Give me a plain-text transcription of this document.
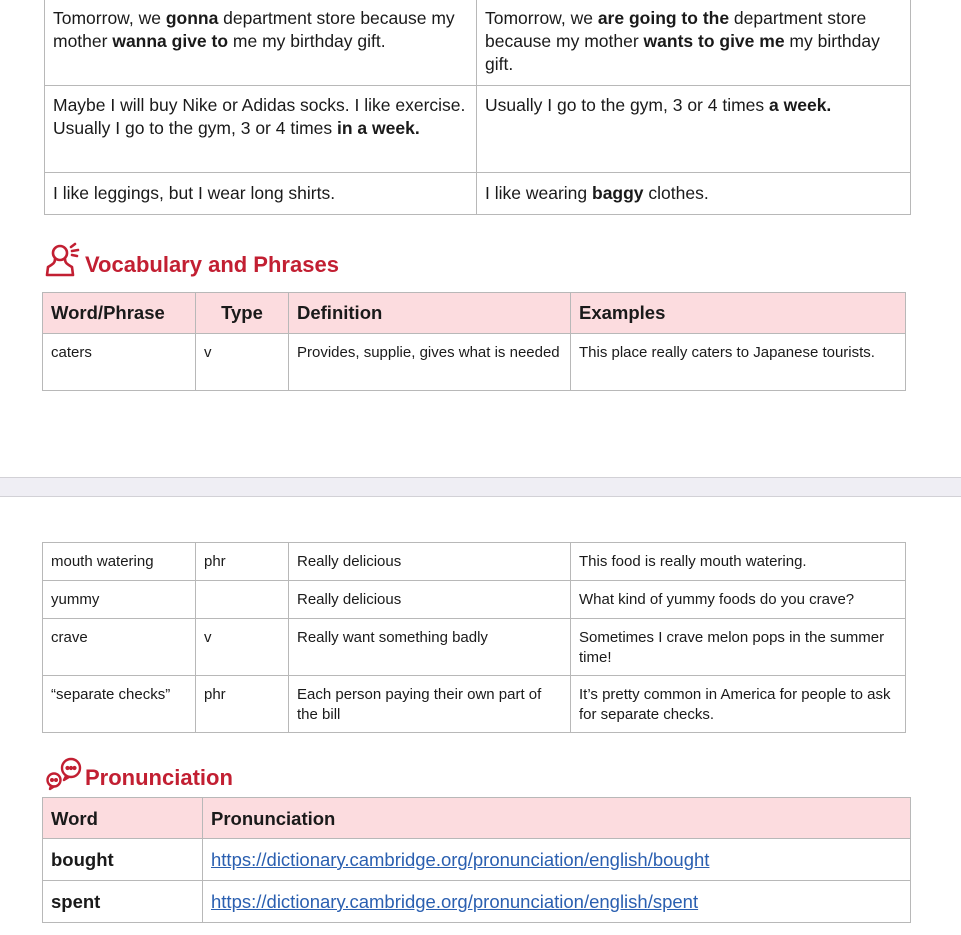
Tomorrow, we gonna department store because my mother wanna give to me my birthday gift.	Tomorrow, we are going to the department store because my mother wants to give me my birthday gift.
Maybe I will buy Nike or Adidas socks. I like exercise. Usually I go to the gym, 3 or 4 times in a week.	Usually I go to the gym, 3 or 4 times a week.
I like leggings, but I wear long shirts.	I like wearing baggy clothes.
Vocabulary and Phrases
Word/Phrase	Type	Definition	Examples
caters	v	Provides, supplie, gives what is needed	This place really caters to Japanese tourists.
mouth watering	phr	Really delicious	This food is really mouth watering.
yummy		Really delicious	What kind of yummy foods do you crave?
crave	v	Really want something badly	Sometimes I crave melon pops in the summer time!
“separate checks”	phr	Each person paying their own part of the bill	It’s pretty common in America for people to ask for separate checks.
Pronunciation
Word	Pronunciation
bought	https://dictionary.cambridge.org/pronunciation/english/bought
spent	https://dictionary.cambridge.org/pronunciation/english/spent
